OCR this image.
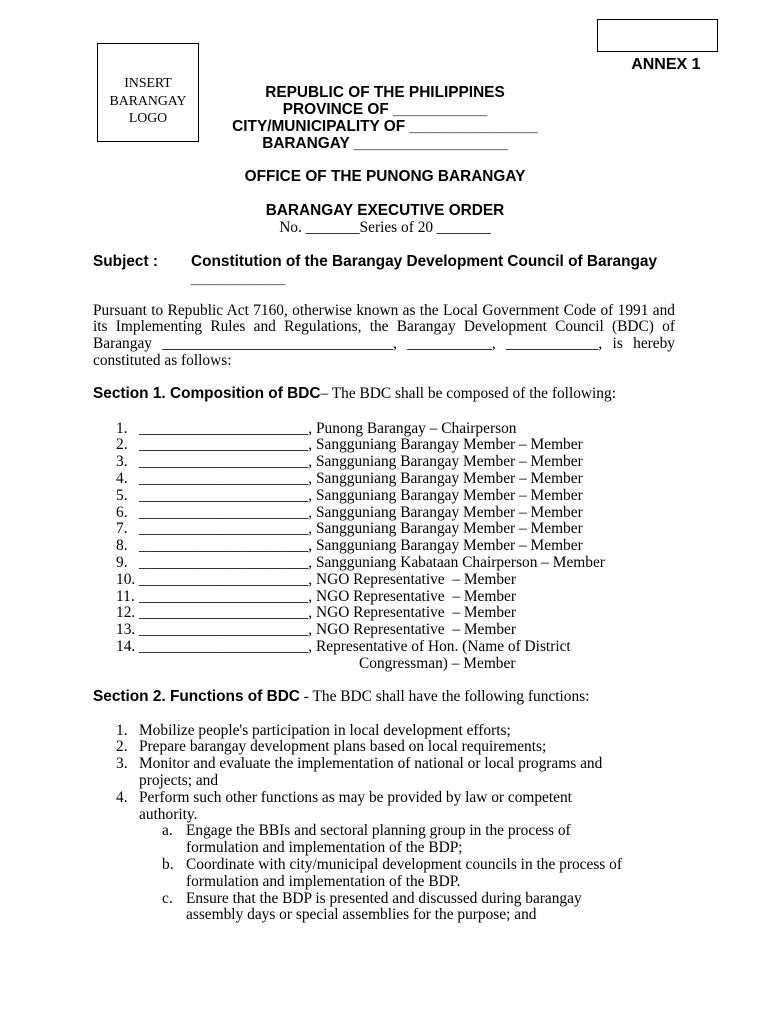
ANNEX 1

INSERT
BARANGAY
LOGO
REPUBLIC OF THE PHILIPPINES
PROVINCE OF ___________
CITY/MUNICIPALITY OF _______________
BARANGAY __________________
OFFICE OF THE PUNONG BARANGAY
BARANGAY EXECUTIVE ORDER
No. _______Series of 20 _______
Subject : Constitution of the Barangay Development Council of Barangay
___________
Pursuant to Republic Act 7160, otherwise known as the Local Government Code of 1991 and
its Implementing Rules and Regulations, the Barangay Development Council (BDC) of
Barangay ______________________________, ___________, ____________, is hereby
constituted as follows:
Section 1. Composition of BDC– The BDC shall be composed of the following:
1. ______________________, Punong Barangay – Chairperson
2. ______________________, Sangguniang Barangay Member – Member
3. ______________________, Sangguniang Barangay Member – Member
4. ______________________, Sangguniang Barangay Member – Member
5. ______________________, Sangguniang Barangay Member – Member
6. ______________________, Sangguniang Barangay Member – Member
7. ______________________, Sangguniang Barangay Member – Member
8. ______________________, Sangguniang Barangay Member – Member
9. ______________________, Sangguniang Kabataan Chairperson – Member
10. ______________________, NGO Representative  – Member
11. ______________________, NGO Representative  – Member
12. ______________________, NGO Representative  – Member
13. ______________________, NGO Representative  – Member
14. ______________________, Representative of Hon. (Name of District
Congressman) – Member
Section 2. Functions of BDC - The BDC shall have the following functions:
1. Mobilize people's participation in local development efforts;
2. Prepare barangay development plans based on local requirements;
3. Monitor and evaluate the implementation of national or local programs and
projects; and
4. Perform such other functions as may be provided by law or competent
authority.
a. Engage the BBIs and sectoral planning group in the process of
formulation and implementation of the BDP;
b. Coordinate with city/municipal development councils in the process of
formulation and implementation of the BDP.
c. Ensure that the BDP is presented and discussed during barangay
assembly days or special assemblies for the purpose; and
